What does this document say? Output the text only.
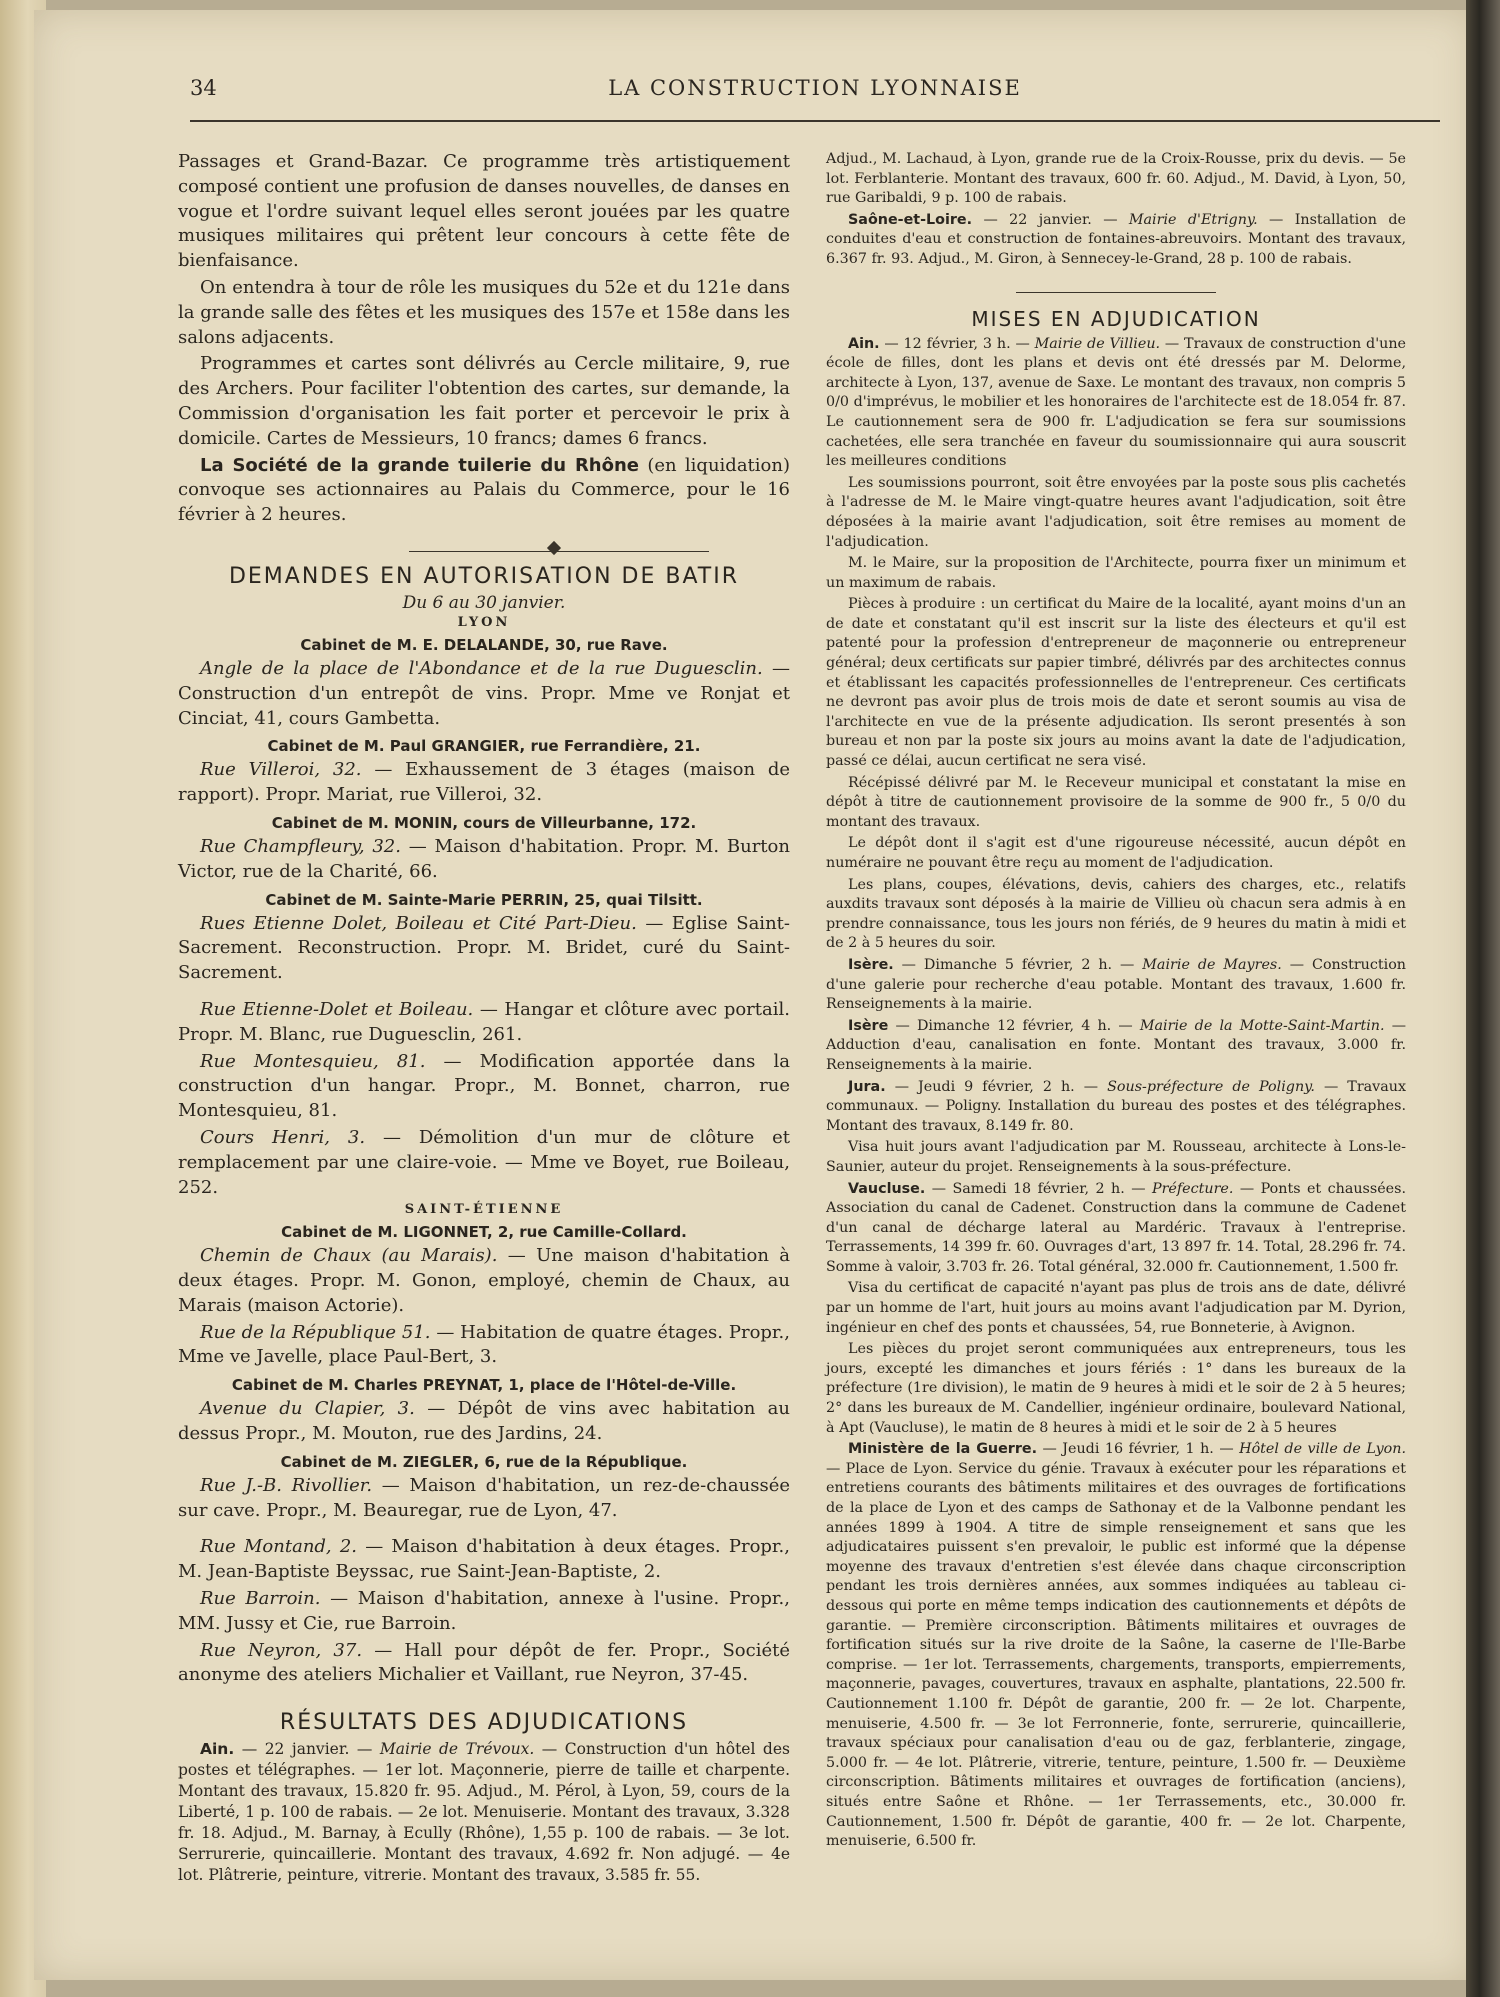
34	LA CONSTRUCTION LYONNAISE

Passages et Grand-Bazar. Ce programme très artistiquement composé contient une profusion de danses nouvelles, de danses en vogue et l'ordre suivant lequel elles seront jouées par les quatre musiques militaires qui prêtent leur concours à cette fête de bienfaisance.

On entendra à tour de rôle les musiques du 52e et du 121e dans la grande salle des fêtes et les musiques des 157e et 158e dans les salons adjacents.

Programmes et cartes sont délivrés au Cercle militaire, 9, rue des Archers. Pour faciliter l'obtention des cartes, sur demande, la Commission d'organisation les fait porter et percevoir le prix à domicile. Cartes de Messieurs, 10 francs; dames 6 francs.

La Société de la grande tuilerie du Rhône (en liquidation) convoque ses actionnaires au Palais du Commerce, pour le 16 février à 2 heures.

DEMANDES EN AUTORISATION DE BATIR
Du 6 au 30 janvier.
LYON
Cabinet de M. E. DELALANDE, 30, rue Rave.

Angle de la place de l'Abondance et de la rue Duguesclin. — Construction d'un entrepôt de vins. Propr. Mme ve Ronjat et Cinciat, 41, cours Gambetta.

Cabinet de M. Paul GRANGIER, rue Ferrandière, 21.

Rue Villeroi, 32. — Exhaussement de 3 étages (maison de rapport). Propr. Mariat, rue Villeroi, 32.

Cabinet de M. MONIN, cours de Villeurbanne, 172.

Rue Champfleury, 32. — Maison d'habitation. Propr. M. Burton Victor, rue de la Charité, 66.

Cabinet de M. Sainte-Marie PERRIN, 25, quai Tilsitt.

Rues Etienne Dolet, Boileau et Cité Part-Dieu. — Eglise Saint-Sacrement. Reconstruction. Propr. M. Bridet, curé du Saint-Sacrement.

Rue Etienne-Dolet et Boileau. — Hangar et clôture avec portail. Propr. M. Blanc, rue Duguesclin, 261.

Rue Montesquieu, 81. — Modification apportée dans la construction d'un hangar. Propr., M. Bonnet, charron, rue Montesquieu, 81.

Cours Henri, 3. — Démolition d'un mur de clôture et remplacement par une claire-voie. — Mme ve Boyet, rue Boileau, 252.

SAINT-ÉTIENNE
Cabinet de M. LIGONNET, 2, rue Camille-Collard.

Chemin de Chaux (au Marais). — Une maison d'habitation à deux étages. Propr. M. Gonon, employé, chemin de Chaux, au Marais (maison Actorie).

Rue de la République 51. — Habitation de quatre étages. Propr., Mme ve Javelle, place Paul-Bert, 3.

Cabinet de M. Charles PREYNAT, 1, place de l'Hôtel-de-Ville.

Avenue du Clapier, 3. — Dépôt de vins avec habitation au dessus Propr., M. Mouton, rue des Jardins, 24.

Cabinet de M. ZIEGLER, 6, rue de la République.

Rue J.-B. Rivollier. — Maison d'habitation, un rez-de-chaussée sur cave. Propr., M. Beauregar, rue de Lyon, 47.

Rue Montand, 2. — Maison d'habitation à deux étages. Propr., M. Jean-Baptiste Beyssac, rue Saint-Jean-Baptiste, 2.

Rue Barroin. — Maison d'habitation, annexe à l'usine. Propr., MM. Jussy et Cie, rue Barroin.

Rue Neyron, 37. — Hall pour dépôt de fer. Propr., Société anonyme des ateliers Michalier et Vaillant, rue Neyron, 37-45.

RÉSULTATS DES ADJUDICATIONS

Ain. — 22 janvier. — Mairie de Trévoux. — Construction d'un hôtel des postes et télégraphes. — 1er lot. Maçonnerie, pierre de taille et charpente. Montant des travaux, 15.820 fr. 95. Adjud., M. Pérol, à Lyon, 59, cours de la Liberté, 1 p. 100 de rabais. — 2e lot. Menuiserie. Montant des travaux, 3.328 fr. 18. Adjud., M. Barnay, à Ecully (Rhône), 1,55 p. 100 de rabais. — 3e lot. Serrurerie, quincaillerie. Montant des travaux, 4.692 fr. Non adjugé. — 4e lot. Plâtrerie, peinture, vitrerie. Montant des travaux, 3.585 fr. 55.

Adjud., M. Lachaud, à Lyon, grande rue de la Croix-Rousse, prix du devis. — 5e lot. Ferblanterie. Montant des travaux, 600 fr. 60. Adjud., M. David, à Lyon, 50, rue Garibaldi, 9 p. 100 de rabais.

Saône-et-Loire. — 22 janvier. — Mairie d'Etrigny. — Installation de conduites d'eau et construction de fontaines-abreuvoirs. Montant des travaux, 6.367 fr. 93. Adjud., M. Giron, à Sennecey-le-Grand, 28 p. 100 de rabais.

MISES EN ADJUDICATION

Ain. — 12 février, 3 h. — Mairie de Villieu. — Travaux de construction d'une école de filles, dont les plans et devis ont été dressés par M. Delorme, architecte à Lyon, 137, avenue de Saxe. Le montant des travaux, non compris 5 0/0 d'imprévus, le mobilier et les honoraires de l'architecte est de 18.054 fr. 87. Le cautionnement sera de 900 fr. L'adjudication se fera sur soumissions cachetées, elle sera tranchée en faveur du soumissionnaire qui aura souscrit les meilleures conditions

Les soumissions pourront, soit être envoyées par la poste sous plis cachetés à l'adresse de M. le Maire vingt-quatre heures avant l'adjudication, soit être déposées à la mairie avant l'adjudication, soit être remises au moment de l'adjudication.

M. le Maire, sur la proposition de l'Architecte, pourra fixer un minimum et un maximum de rabais.

Pièces à produire : un certificat du Maire de la localité, ayant moins d'un an de date et constatant qu'il est inscrit sur la liste des électeurs et qu'il est patenté pour la profession d'entrepreneur de maçonnerie ou entrepreneur général; deux certificats sur papier timbré, délivrés par des architectes connus et établissant les capacités professionnelles de l'entrepreneur. Ces certificats ne devront pas avoir plus de trois mois de date et seront soumis au visa de l'architecte en vue de la présente adjudication. Ils seront presentés à son bureau et non par la poste six jours au moins avant la date de l'adjudication, passé ce délai, aucun certificat ne sera visé.

Récépissé délivré par M. le Receveur municipal et constatant la mise en dépôt à titre de cautionnement provisoire de la somme de 900 fr., 5 0/0 du montant des travaux.

Le dépôt dont il s'agit est d'une rigoureuse nécessité, aucun dépôt en numéraire ne pouvant être reçu au moment de l'adjudication.

Les plans, coupes, élévations, devis, cahiers des charges, etc., relatifs auxdits travaux sont déposés à la mairie de Villieu où chacun sera admis à en prendre connaissance, tous les jours non fériés, de 9 heures du matin à midi et de 2 à 5 heures du soir.

Isère. — Dimanche 5 février, 2 h. — Mairie de Mayres. — Construction d'une galerie pour recherche d'eau potable. Montant des travaux, 1.600 fr. Renseignements à la mairie.

Isère — Dimanche 12 février, 4 h. — Mairie de la Motte-Saint-Martin. — Adduction d'eau, canalisation en fonte. Montant des travaux, 3.000 fr. Renseignements à la mairie.

Jura. — Jeudi 9 février, 2 h. — Sous-préfecture de Poligny. — Travaux communaux. — Poligny. Installation du bureau des postes et des télégraphes. Montant des travaux, 8.149 fr. 80.

Visa huit jours avant l'adjudication par M. Rousseau, architecte à Lons-le-Saunier, auteur du projet. Renseignements à la sous-préfecture.

Vaucluse. — Samedi 18 février, 2 h. — Préfecture. — Ponts et chaussées. Association du canal de Cadenet. Construction dans la commune de Cadenet d'un canal de décharge lateral au Mardéric. Travaux à l'entreprise. Terrassements, 14 399 fr. 60. Ouvrages d'art, 13 897 fr. 14. Total, 28.296 fr. 74. Somme à valoir, 3.703 fr. 26. Total général, 32.000 fr. Cautionnement, 1.500 fr.

Visa du certificat de capacité n'ayant pas plus de trois ans de date, délivré par un homme de l'art, huit jours au moins avant l'adjudication par M. Dyrion, ingénieur en chef des ponts et chaussées, 54, rue Bonneterie, à Avignon.

Les pièces du projet seront communiquées aux entrepreneurs, tous les jours, excepté les dimanches et jours fériés : 1° dans les bureaux de la préfecture (1re division), le matin de 9 heures à midi et le soir de 2 à 5 heures; 2° dans les bureaux de M. Candellier, ingénieur ordinaire, boulevard National, à Apt (Vaucluse), le matin de 8 heures à midi et le soir de 2 à 5 heures

Ministère de la Guerre. — Jeudi 16 février, 1 h. — Hôtel de ville de Lyon. — Place de Lyon. Service du génie. Travaux à exécuter pour les réparations et entretiens courants des bâtiments militaires et des ouvrages de fortifications de la place de Lyon et des camps de Sathonay et de la Valbonne pendant les années 1899 à 1904. A titre de simple renseignement et sans que les adjudicataires puissent s'en prevaloir, le public est informé que la dépense moyenne des travaux d'entretien s'est élevée dans chaque circonscription pendant les trois dernières années, aux sommes indiquées au tableau ci-dessous qui porte en même temps indication des cautionnements et dépôts de garantie. — Première circonscription. Bâtiments militaires et ouvrages de fortification situés sur la rive droite de la Saône, la caserne de l'Ile-Barbe comprise. — 1er lot. Terrassements, chargements, transports, empierrements, maçonnerie, pavages, couvertures, travaux en asphalte, plantations, 22.500 fr. Cautionnement 1.100 fr. Dépôt de garantie, 200 fr. — 2e lot. Charpente, menuiserie, 4.500 fr. — 3e lot Ferronnerie, fonte, serrurerie, quincaillerie, travaux spéciaux pour canalisation d'eau ou de gaz, ferblanterie, zingage, 5.000 fr. — 4e lot. Plâtrerie, vitrerie, tenture, peinture, 1.500 fr. — Deuxième circonscription. Bâtiments militaires et ouvrages de fortification (anciens), situés entre Saône et Rhône. — 1er Terrassements, etc., 30.000 fr. Cautionnement, 1.500 fr. Dépôt de garantie, 400 fr. — 2e lot. Charpente, menuiserie, 6.500 fr.
